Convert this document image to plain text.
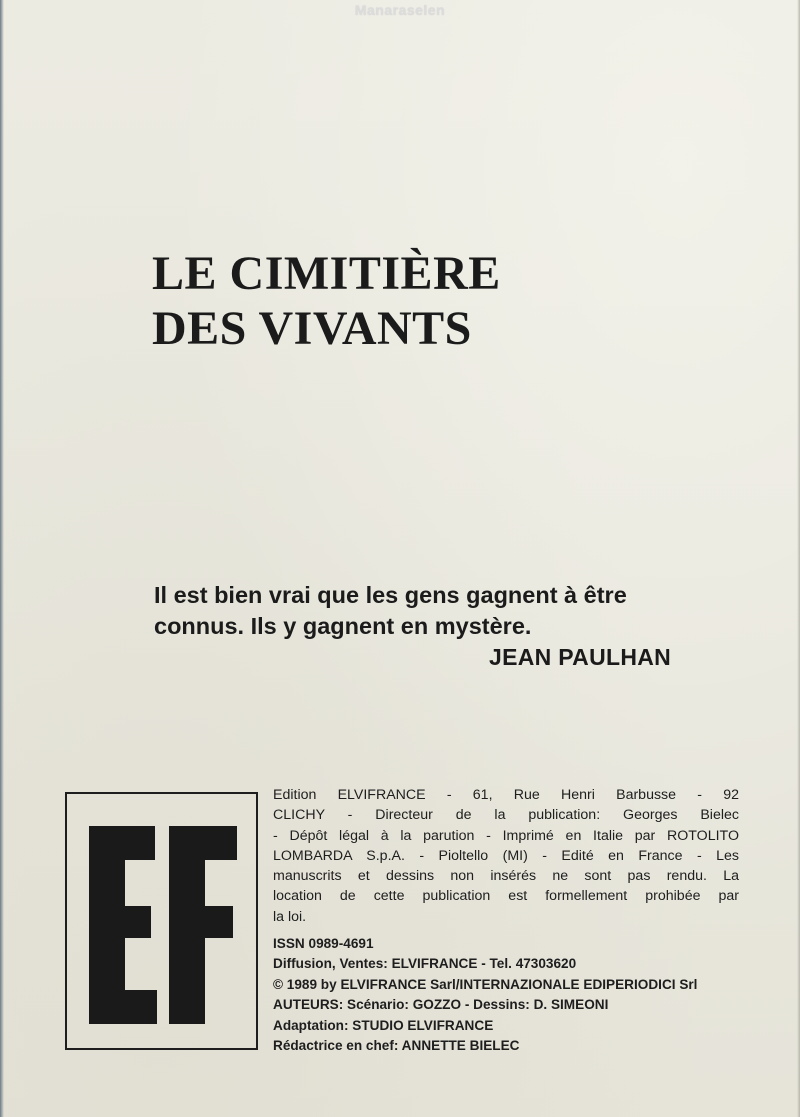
Manaraselen
LE CIMITIÈRE
DES VIVANTS
Il est bien vrai que les gens gagnent à être
connus. Ils y gagnent en mystère.
JEAN PAULHAN
Edition ELVIFRANCE - 61, Rue Henri Barbusse - 92
CLICHY - Directeur de la publication: Georges Bielec
- Dépôt légal à la parution - Imprimé en Italie par ROTOLITO
LOMBARDA S.p.A. - Pioltello (MI) - Edité en France - Les
manuscrits et dessins non insérés ne sont pas rendu. La
location de cette publication est formellement prohibée par
la loi.
ISSN 0989-4691
Diffusion, Ventes: ELVIFRANCE - Tel. 47303620
© 1989 by ELVIFRANCE Sarl/INTERNAZIONALE EDIPERIODICI Srl
AUTEURS: Scénario: GOZZO - Dessins: D. SIMEONI
Adaptation: STUDIO ELVIFRANCE
Rédactrice en chef: ANNETTE BIELEC
